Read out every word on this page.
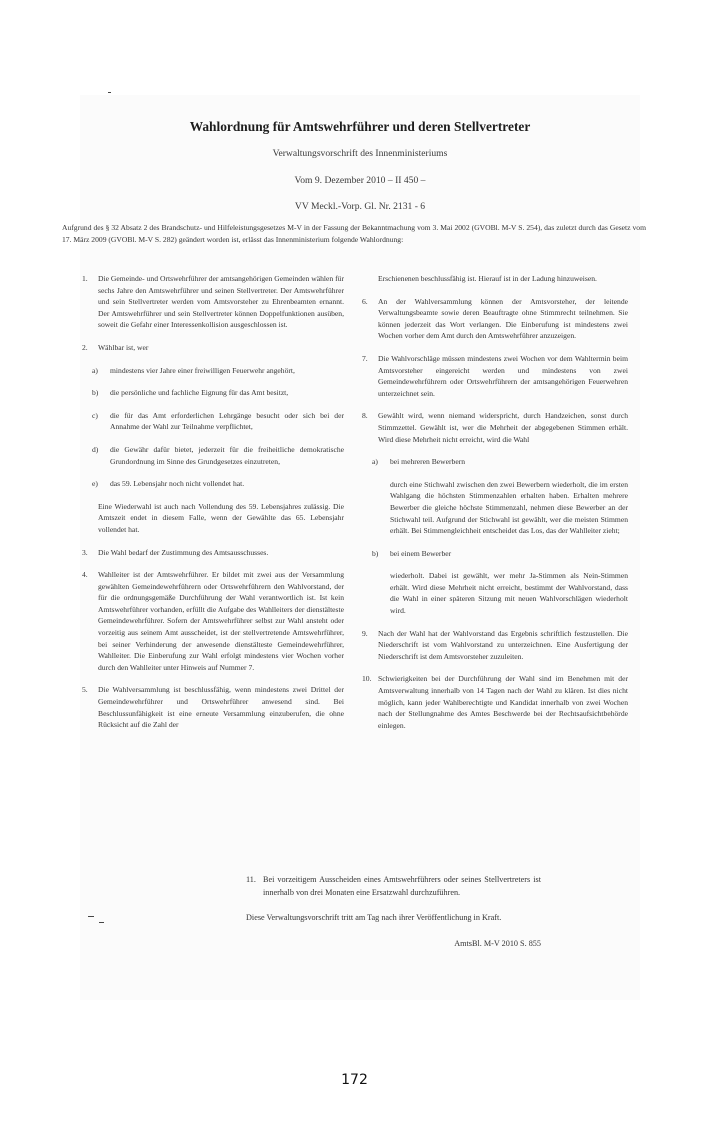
Wahlordnung für Amtswehrführer und deren Stellvertreter
Verwaltungsvorschrift des Innenministeriums
Vom 9. Dezember 2010 – II 450 –
VV Meckl.-Vorp. Gl. Nr. 2131 - 6
Aufgrund des § 32 Absatz 2 des Brandschutz- und Hilfeleistungsgesetzes M-V in der Fassung der Bekanntmachung vom 3. Mai 2002 (GVOBl. M-V S. 254), das zuletzt durch das Gesetz vom 17. März 2009 (GVOBl. M-V S. 282) geändert worden ist, erlässt das Innenministerium folgende Wahlordnung:
1. Die Gemeinde- und Ortswehrführer der amtsangehörigen Gemeinden wählen für sechs Jahre den Amtswehrführer und seinen Stellvertreter. Der Amtswehrführer und sein Stellvertreter werden vom Amtsvorsteher zu Ehrenbeamten ernannt. Der Amtswehrführer und sein Stellvertreter können Doppelfunktionen ausüben, soweit die Gefahr einer Interessenkollision ausgeschlossen ist.
2. Wählbar ist, wer
a) mindestens vier Jahre einer freiwilligen Feuerwehr angehört,
b) die persönliche und fachliche Eignung für das Amt besitzt,
c) die für das Amt erforderlichen Lehrgänge besucht oder sich bei der Annahme der Wahl zur Teilnahme verpflichtet,
d) die Gewähr dafür bietet, jederzeit für die freiheitliche demokratische Grundordnung im Sinne des Grundgesetzes einzutreten,
e) das 59. Lebensjahr noch nicht vollendet hat.
Eine Wiederwahl ist auch nach Vollendung des 59. Lebensjahres zulässig. Die Amtszeit endet in diesem Falle, wenn der Gewählte das 65. Lebensjahr vollendet hat.
3. Die Wahl bedarf der Zustimmung des Amtsausschusses.
4. Wahlleiter ist der Amtswehrführer. Er bildet mit zwei aus der Versammlung gewählten Gemeindewehrführern oder Ortswehrführern den Wahlvorstand, der für die ordnungsgemäße Durchführung der Wahl verantwortlich ist. Ist kein Amtswehrführer vorhanden, erfüllt die Aufgabe des Wahlleiters der dienstälteste Gemeindewehrführer. Sofern der Amtswehrführer selbst zur Wahl ansteht oder vorzeitig aus seinem Amt ausscheidet, ist der stellvertretende Amtswehrführer, bei seiner Verhinderung der anwesende dienstälteste Gemeindewehrführer, Wahlleiter. Die Einberufung zur Wahl erfolgt mindestens vier Wochen vorher durch den Wahlleiter unter Hinweis auf Nummer 7.
5. Die Wahlversammlung ist beschlussfähig, wenn mindestens zwei Drittel der Gemeindewehrführer und Ortswehrführer anwesend sind. Bei Beschlussunfähigkeit ist eine erneute Versammlung einzuberufen, die ohne Rücksicht auf die Zahl der
Erschienenen beschlussfähig ist. Hierauf ist in der Ladung hinzuweisen.
6. An der Wahlversammlung können der Amtsvorsteher, der leitende Verwaltungsbeamte sowie deren Beauftragte ohne Stimmrecht teilnehmen. Sie können jederzeit das Wort verlangen. Die Einberufung ist mindestens zwei Wochen vorher dem Amt durch den Amtswehrführer anzuzeigen.
7. Die Wahlvorschläge müssen mindestens zwei Wochen vor dem Wahltermin beim Amtsvorsteher eingereicht werden und mindestens von zwei Gemeindewehrführern oder Ortswehrführern der amtsangehörigen Feuerwehren unterzeichnet sein.
8. Gewählt wird, wenn niemand widerspricht, durch Handzeichen, sonst durch Stimmzettel. Gewählt ist, wer die Mehrheit der abgegebenen Stimmen erhält. Wird diese Mehrheit nicht erreicht, wird die Wahl
a) bei mehreren Bewerbern
durch eine Stichwahl zwischen den zwei Bewerbern wiederholt, die im ersten Wahlgang die höchsten Stimmenzahlen erhalten haben. Erhalten mehrere Bewerber die gleiche höchste Stimmenzahl, nehmen diese Bewerber an der Stichwahl teil. Aufgrund der Stichwahl ist gewählt, wer die meisten Stimmen erhält. Bei Stimmengleichheit entscheidet das Los, das der Wahlleiter zieht;
b) bei einem Bewerber
wiederholt. Dabei ist gewählt, wer mehr Ja-Stimmen als Nein-Stimmen erhält. Wird diese Mehrheit nicht erreicht, bestimmt der Wahlvorstand, dass die Wahl in einer späteren Sitzung mit neuen Wahlvorschlägen wiederholt wird.
9. Nach der Wahl hat der Wahlvorstand das Ergebnis schriftlich festzustellen. Die Niederschrift ist vom Wahlvorstand zu unterzeichnen. Eine Ausfertigung der Niederschrift ist dem Amtsvorsteher zuzuleiten.
10. Schwierigkeiten bei der Durchführung der Wahl sind im Benehmen mit der Amtsverwaltung innerhalb von 14 Tagen nach der Wahl zu klären. Ist dies nicht möglich, kann jeder Wahlberechtigte und Kandidat innerhalb von zwei Wochen nach der Stellungnahme des Amtes Beschwerde bei der Rechtsaufsichtbehörde einlegen.
11. Bei vorzeitigem Ausscheiden eines Amtswehrführers oder seines Stellvertreters ist innerhalb von drei Monaten eine Ersatzwahl durchzuführen.
Diese Verwaltungsvorschrift tritt am Tag nach ihrer Veröffentlichung in Kraft.
AmtsBl. M-V 2010 S. 855
172
